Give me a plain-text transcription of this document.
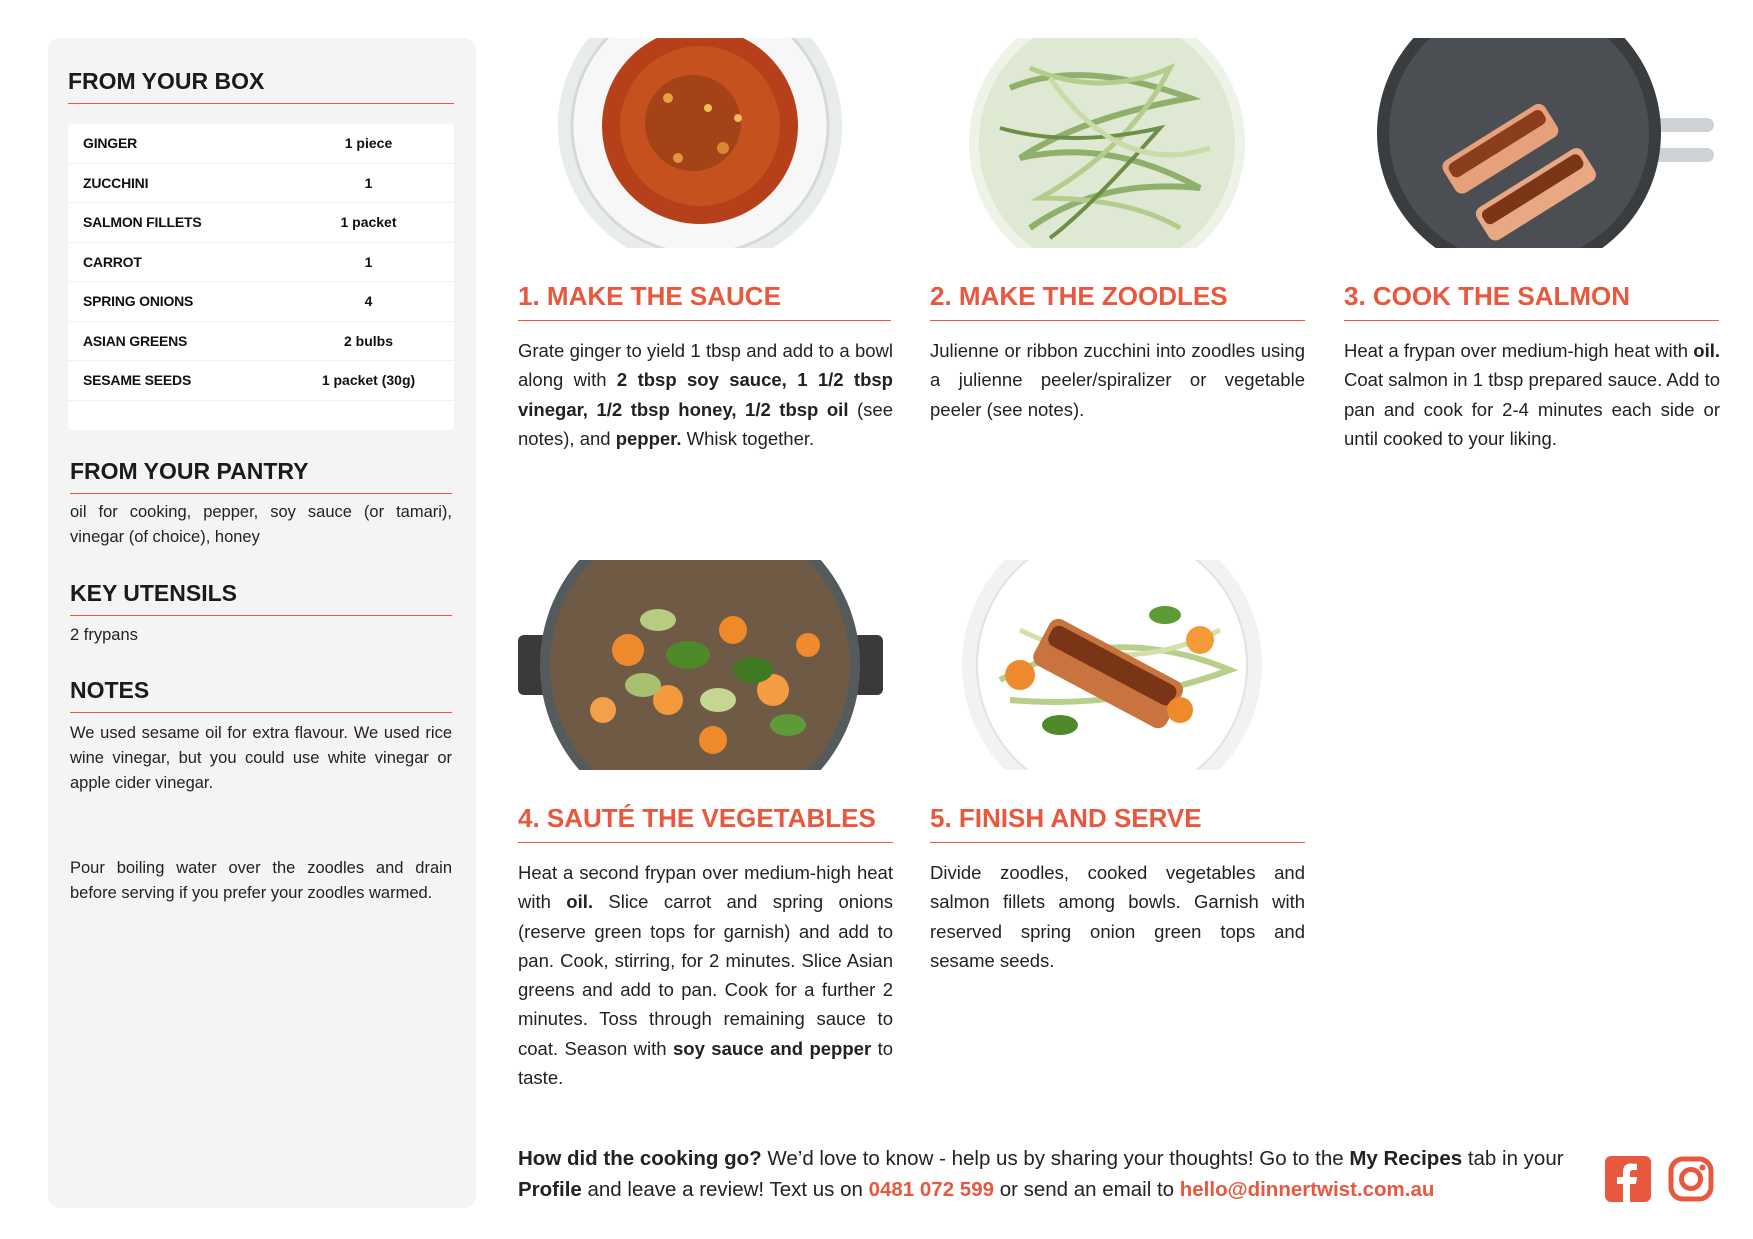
FROM YOUR BOX
GINGER	1 piece
ZUCCHINI	1
SALMON FILLETS	1 packet
CARROT	1
SPRING ONIONS	4
ASIAN GREENS	2 bulbs
SESAME SEEDS	1 packet (30g)
FROM YOUR PANTRY

oil for cooking, pepper, soy sauce (or tamari), vinegar (of choice), honey

KEY UTENSILS

2 frypans

NOTES

We used sesame oil for extra flavour. We used rice wine vinegar, but you could use white vinegar or apple cider vinegar.

Pour boiling water over the zoodles and drain before serving if you prefer your zoodles warmed.

1. MAKE THE SAUCE

Grate ginger to yield 1 tbsp and add to a bowl along with 2 tbsp soy sauce, 1 1/2 tbsp vinegar, 1/2 tbsp honey, 1/2 tbsp oil (see notes), and pepper. Whisk together.

2. MAKE THE ZOODLES

Julienne or ribbon zucchini into zoodles using a julienne peeler/spiralizer or vegetable peeler (see notes).

3. COOK THE SALMON

Heat a frypan over medium-high heat with oil. Coat salmon in 1 tbsp prepared sauce. Add to pan and cook for 2-4 minutes each side or until cooked to your liking.

4. SAUTÉ THE VEGETABLES

Heat a second frypan over medium-high heat with oil. Slice carrot and spring onions (reserve green tops for garnish) and add to pan. Cook, stirring, for 2 minutes. Slice Asian greens and add to pan. Cook for a further 2 minutes. Toss through remaining sauce to coat. Season with soy sauce and pepper to taste.

5. FINISH AND SERVE

Divide zoodles, cooked vegetables and salmon fillets among bowls. Garnish with reserved spring onion green tops and sesame seeds.

How did the cooking go? We’d love to know - help us by sharing your thoughts! Go to the My Recipes tab in your Profile and leave a review! Text us on 0481 072 599 or send an email to hello@dinnertwist.com.au
